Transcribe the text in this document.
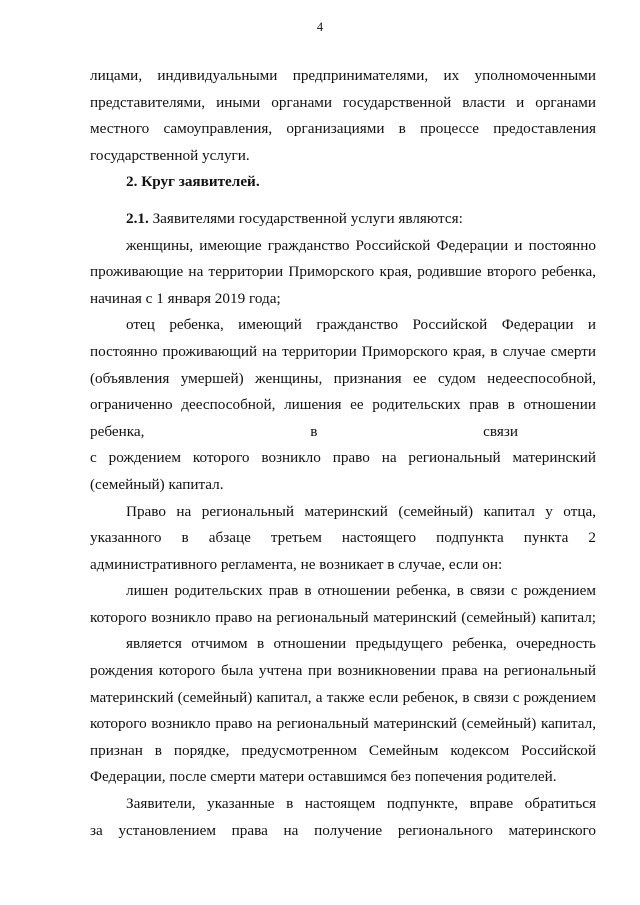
4
лицами, индивидуальными предпринимателями, их уполномоченными
представителями, иными органами государственной власти и органами
местного самоуправления, организациями в процессе предоставления
государственной услуги.
2. Круг заявителей.
2.1. Заявителями государственной услуги являются:
женщины, имеющие гражданство Российской Федерации и постоянно
проживающие на территории Приморского края, родившие второго ребенка,
начиная с 1 января 2019 года;
отец ребенка, имеющий гражданство Российской Федерации и
постоянно проживающий на территории Приморского края, в случае смерти
(объявления умершей) женщины, признания ее судом недееспособной,
ограниченно дееспособной, лишения ее родительских прав в отношении
ребенка, в связи
с рождением которого возникло право на региональный материнский
(семейный) капитал.
Право на региональный материнский (семейный) капитал у отца,
указанного в абзаце третьем настоящего подпункта пункта 2
административного регламента, не возникает в случае, если он:
лишен родительских прав в отношении ребенка, в связи с рождением
которого возникло право на региональный материнский (семейный) капитал;
является отчимом в отношении предыдущего ребенка, очередность
рождения которого была учтена при возникновении права на региональный
материнский (семейный) капитал, а также если ребенок, в связи с рождением
которого возникло право на региональный материнский (семейный) капитал,
признан в порядке, предусмотренном Семейным кодексом Российской
Федерации, после смерти матери оставшимся без попечения родителей.
Заявители, указанные в настоящем подпункте, вправе обратиться
за установлением права на получение регионального материнского
